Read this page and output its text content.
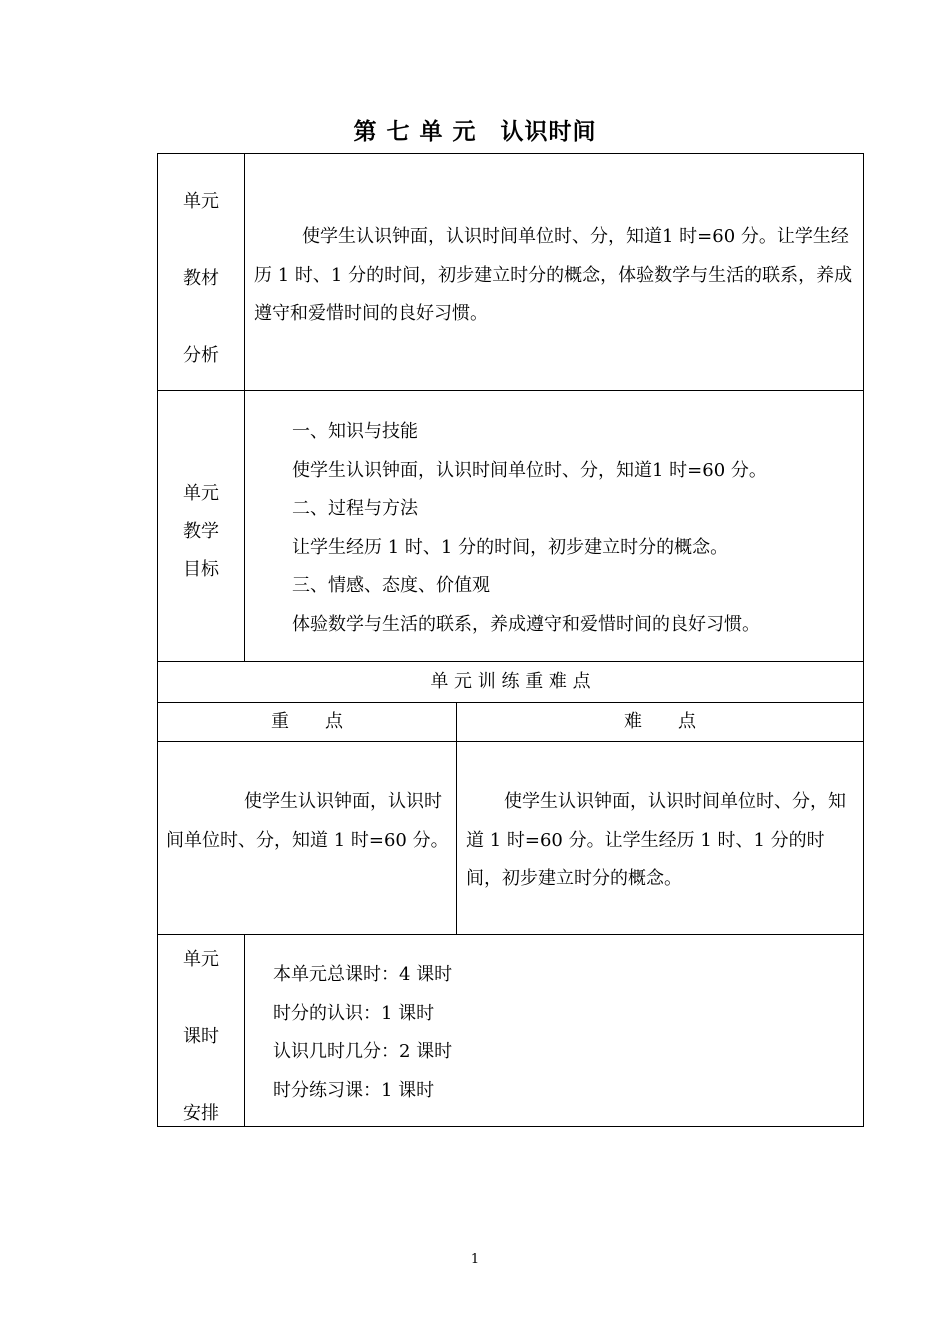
第 七 单 元　认识时间
单元
教材
分析
使学生认识钟面，认识时间单位时、分，知道1 时=60 分。让学生经历 1 时、1 分的时间，初步建立时分的概念，体验数学与生活的联系，养成遵守和爱惜时间的良好习惯。
单元
教学
目标
一、知识与技能
使学生认识钟面，认识时间单位时、分，知道1 时=60 分。
二、过程与方法
让学生经历 1 时、1 分的时间，初步建立时分的概念。
三、情感、态度、价值观
体验数学与生活的联系，养成遵守和爱惜时间的良好习惯。
单 元 训 练 重 难 点
重　　点	难　　点
使学生认识钟面，认识时间单位时、分，知道 1 时=60 分。
使学生认识钟面，认识时间单位时、分，知道 1 时=60 分。让学生经历 1 时、1 分的时间，初步建立时分的概念。
单元
课时
安排
本单元总课时：4 课时
时分的认识：1 课时
认识几时几分：2 课时
时分练习课：1 课时
1
